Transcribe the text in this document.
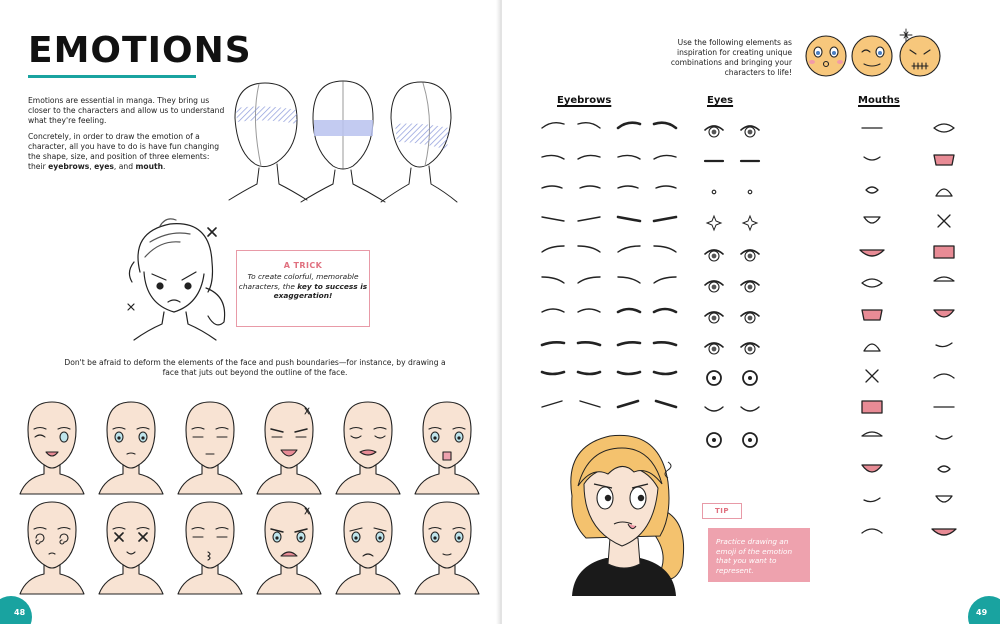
EMOTIONS

Emotions are essential in manga. They bring us closer to the characters and allow us to understand what they're feeling.

Concretely, in order to draw the emotion of a character, all you have to do is have fun changing the shape, size, and position of three elements: their eyebrows, eyes, and mouth.

A TRICK
To create colorful, memorable characters, the key to success is exaggeration!
Don't be afraid to deform the elements of the face and push boundaries—for instance, by drawing a face that juts out beyond the outline of the face.
48
Use the following elements as inspiration for creating unique combinations and bringing your characters to life!
Eyebrows	Eyes	Mouths
TIP
Practice drawing an emoji of the emotion that you want to represent.
49
